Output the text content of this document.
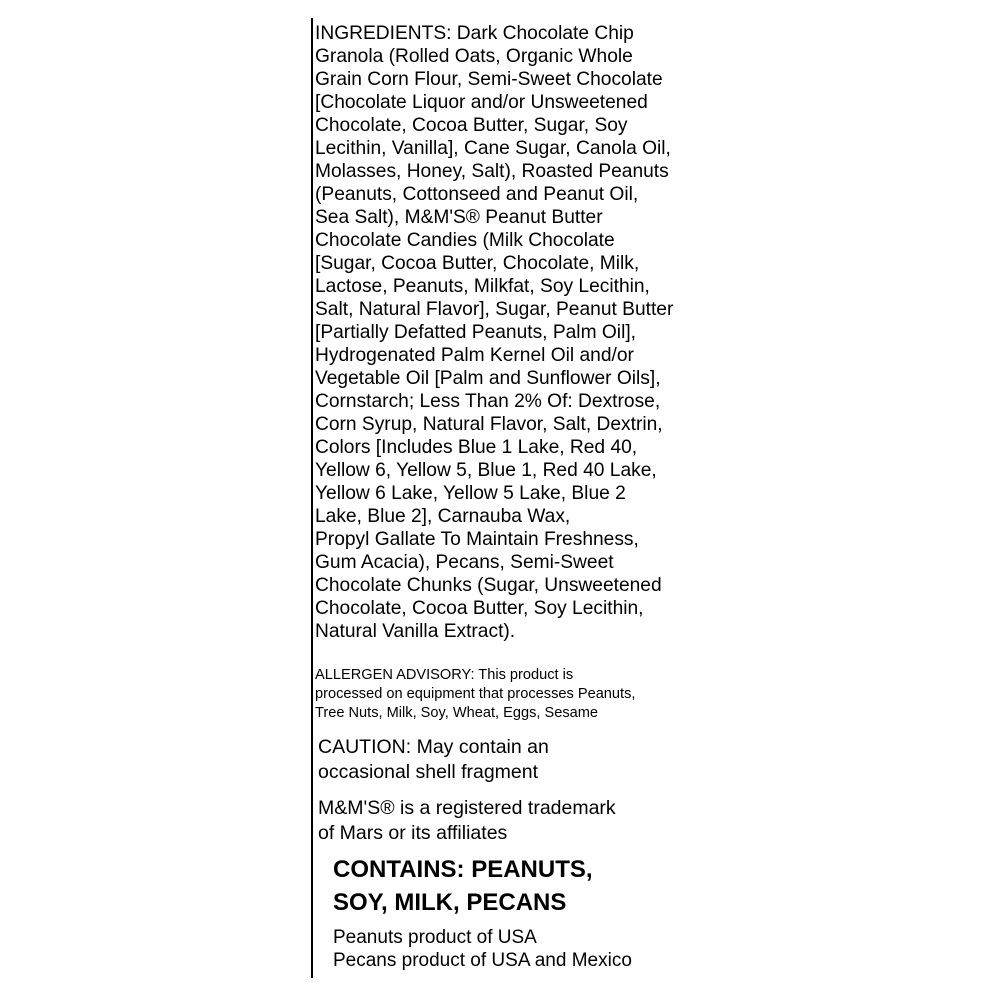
INGREDIENTS: Dark Chocolate Chip
Granola (Rolled Oats, Organic Whole
Grain Corn Flour, Semi-Sweet Chocolate
[Chocolate Liquor and/or Unsweetened
Chocolate, Cocoa Butter, Sugar, Soy
Lecithin, Vanilla], Cane Sugar, Canola Oil,
Molasses, Honey, Salt), Roasted Peanuts
(Peanuts, Cottonseed and Peanut Oil,
Sea Salt), M&M'S® Peanut Butter
Chocolate Candies (Milk Chocolate
[Sugar, Cocoa Butter, Chocolate, Milk,
Lactose, Peanuts, Milkfat, Soy Lecithin,
Salt, Natural Flavor], Sugar, Peanut Butter
[Partially Defatted Peanuts, Palm Oil],
Hydrogenated Palm Kernel Oil and/or
Vegetable Oil [Palm and Sunflower Oils],
Cornstarch; Less Than 2% Of: Dextrose,
Corn Syrup, Natural Flavor, Salt, Dextrin,
Colors [Includes Blue 1 Lake, Red 40,
Yellow 6, Yellow 5, Blue 1, Red 40 Lake,
Yellow 6 Lake, Yellow 5 Lake, Blue 2
Lake, Blue 2], Carnauba Wax,
Propyl Gallate To Maintain Freshness,
Gum Acacia), Pecans, Semi-Sweet
Chocolate Chunks (Sugar, Unsweetened
Chocolate, Cocoa Butter, Soy Lecithin,
Natural Vanilla Extract).
ALLERGEN ADVISORY: This product is
processed on equipment that processes Peanuts,
Tree Nuts, Milk, Soy, Wheat, Eggs, Sesame
CAUTION: May contain an
occasional shell fragment
M&M'S® is a registered trademark
of Mars or its affiliates
CONTAINS: PEANUTS,
SOY, MILK, PECANS
Peanuts product of USA
Pecans product of USA and Mexico
